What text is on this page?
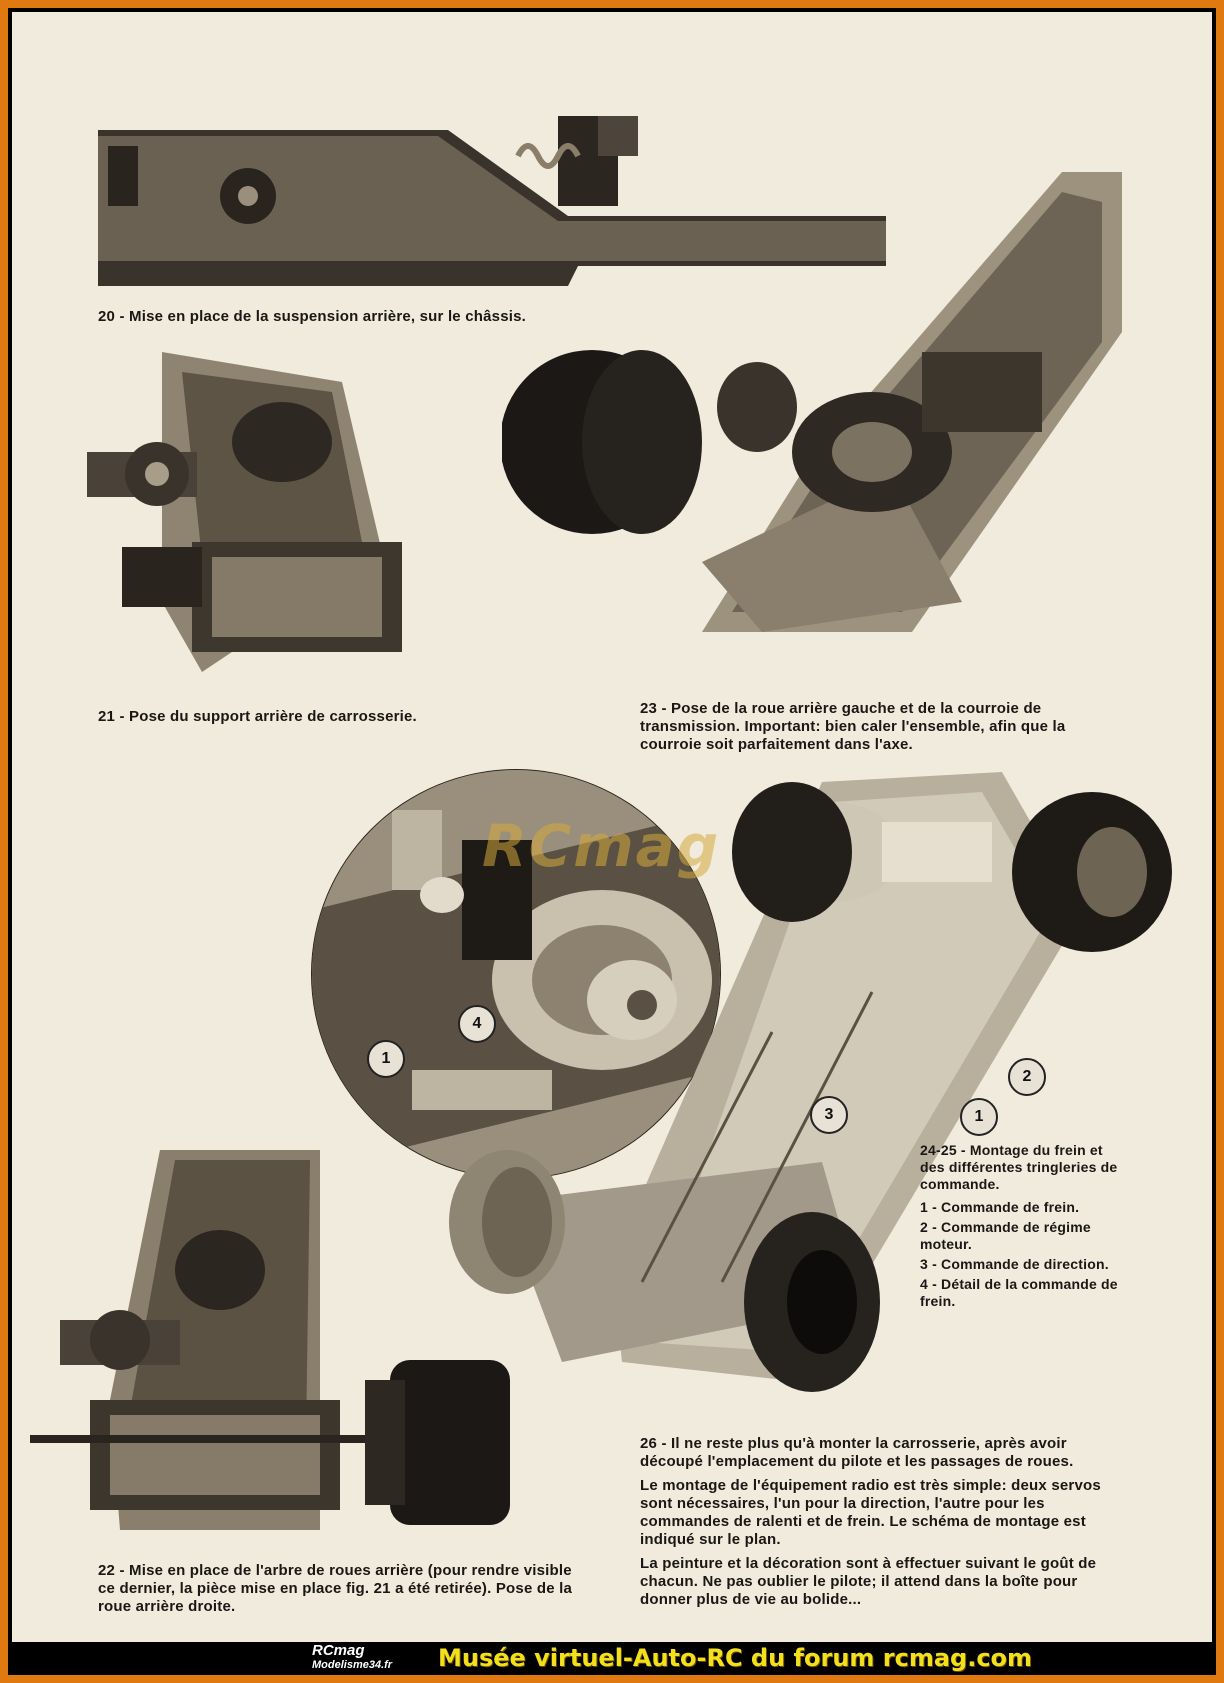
20 - Mise en place de la suspension arrière, sur le châssis.
21 - Pose du support arrière de carrosserie.	23 - Pose de la roue arrière gauche et de la courroie de transmission. Important: bien caler l'ensemble, afin que la courroie soit parfaitement dans l'axe.
1
4
3
2
1

24-25 - Montage du frein et des différentes tringleries de commande.

1 - Commande de frein.
2 - Commande de régime moteur.
3 - Commande de direction.
4 - Détail de la commande de frein.
22 - Mise en place de l'arbre de roues arrière (pour rendre visible ce dernier, la pièce mise en place fig. 21 a été retirée). Pose de la roue arrière droite.

26 - Il ne reste plus qu'à monter la carrosserie, après avoir découpé l'emplacement du pilote et les passages de roues.

Le montage de l'équipement radio est très simple: deux servos sont nécessaires, l'un pour la direction, l'autre pour les commandes de ralenti et de frein. Le schéma de montage est indiqué sur le plan.

La peinture et la décoration sont à effectuer suivant le goût de chacun. Ne pas oublier le pilote; il attend dans la boîte pour donner plus de vie au bolide...

RCmag
RCmag
Modelisme34.fr Musée virtuel-Auto-RC du forum rcmag.com
